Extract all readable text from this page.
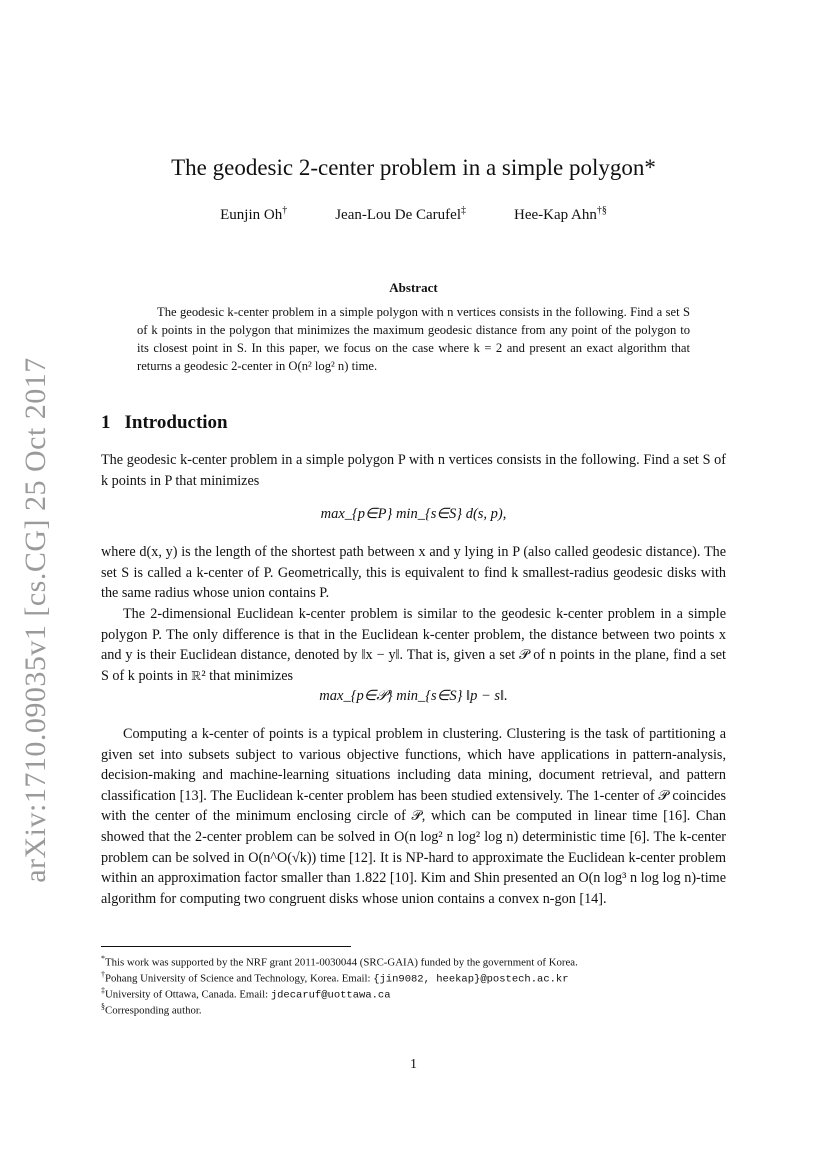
arXiv:1710.09035v1 [cs.CG] 25 Oct 2017
The geodesic 2-center problem in a simple polygon*
Eunjin Oh†	Jean-Lou De Carufel‡	Hee-Kap Ahn†§
Abstract
The geodesic k-center problem in a simple polygon with n vertices consists in the following. Find a set S of k points in the polygon that minimizes the maximum geodesic distance from any point of the polygon to its closest point in S. In this paper, we focus on the case where k = 2 and present an exact algorithm that returns a geodesic 2-center in O(n² log² n) time.
1 Introduction
The geodesic k-center problem in a simple polygon P with n vertices consists in the following. Find a set S of k points in P that minimizes
max_{p∈P} min_{s∈S} d(s, p),
where d(x, y) is the length of the shortest path between x and y lying in P (also called geodesic distance). The set S is called a k-center of P. Geometrically, this is equivalent to find k smallest-radius geodesic disks with the same radius whose union contains P.
The 2-dimensional Euclidean k-center problem is similar to the geodesic k-center problem in a simple polygon P. The only difference is that in the Euclidean k-center problem, the distance between two points x and y is their Euclidean distance, denoted by ‖x − y‖. That is, given a set 𝒫 of n points in the plane, find a set S of k points in ℝ² that minimizes
max_{p∈𝒫} min_{s∈S} ‖p − s‖.
Computing a k-center of points is a typical problem in clustering. Clustering is the task of partitioning a given set into subsets subject to various objective functions, which have applications in pattern-analysis, decision-making and machine-learning situations including data mining, document retrieval, and pattern classification [13]. The Euclidean k-center problem has been studied extensively. The 1-center of 𝒫 coincides with the center of the minimum enclosing circle of 𝒫, which can be computed in linear time [16]. Chan showed that the 2-center problem can be solved in O(n log² n log² log n) deterministic time [6]. The k-center problem can be solved in O(n^O(√k)) time [12]. It is NP-hard to approximate the Euclidean k-center problem within an approximation factor smaller than 1.822 [10]. Kim and Shin presented an O(n log³ n log log n)-time algorithm for computing two congruent disks whose union contains a convex n-gon [14].
*This work was supported by the NRF grant 2011-0030044 (SRC-GAIA) funded by the government of Korea.
†Pohang University of Science and Technology, Korea. Email: {jin9082, heekap}@postech.ac.kr
‡University of Ottawa, Canada. Email: jdecaruf@uottawa.ca
§Corresponding author.
1
